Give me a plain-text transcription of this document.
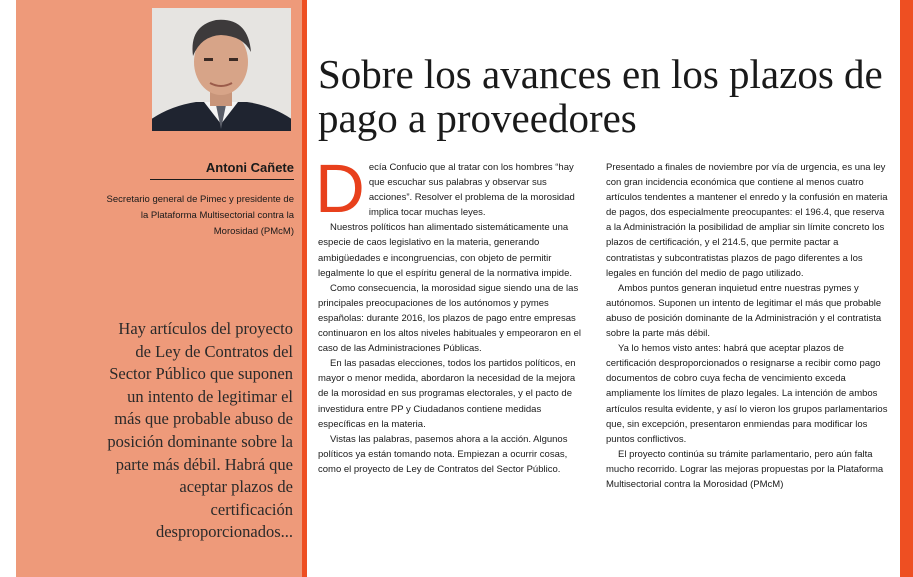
Antoni Cañete
Secretario general de Pimec y presidente de la Plataforma Multisectorial contra la Morosidad (PMcM)
Hay artículos del proyecto de Ley de Contratos del Sector Público que suponen un intento de legitimar el más que probable abuso de posición dominante sobre la parte más débil. Habrá que aceptar plazos de certificación desproporcionados...
Sobre los avances en los plazos de pago a proveedores

Decía Confucio que al tratar con los hombres “hay que escuchar sus palabras y observar sus acciones”. Resolver el problema de la morosidad implica tocar muchas leyes.

Nuestros políticos han alimentado sistemáticamente una especie de caos legislativo en la materia, generando ambigüedades e incongruencias, con objeto de permitir legalmente lo que el espíritu general de la normativa impide.

Como consecuencia, la morosidad sigue siendo una de las principales preocupaciones de los autónomos y pymes españolas: durante 2016, los plazos de pago entre empresas continuaron en los altos niveles habituales y empeoraron en el caso de las Administraciones Públicas.

En las pasadas elecciones, todos los partidos políticos, en mayor o menor medida, abordaron la necesidad de la mejora de la morosidad en sus programas electorales, y el pacto de investidura entre PP y Ciudadanos contiene medidas específicas en la materia.

Vistas las palabras, pasemos ahora a la acción. Algunos políticos ya están tomando nota. Empiezan a ocurrir cosas, como el proyecto de Ley de Contratos del Sector Público.

Presentado a finales de noviembre por vía de urgencia, es una ley con gran incidencia económica que contiene al menos cuatro artículos tendentes a mantener el enredo y la confusión en materia de pagos, dos especialmente preocupantes: el 196.4, que reserva a la Administración la posibilidad de ampliar sin límite concreto los plazos de certificación, y el 214.5, que permite pactar a contratistas y subcontratistas plazos de pago diferentes a los legales en función del medio de pago utilizado.

Ambos puntos generan inquietud entre nuestras pymes y autónomos. Suponen un intento de legitimar el más que probable abuso de posición dominante de la Administración y el contratista sobre la parte más débil.

Ya lo hemos visto antes: habrá que aceptar plazos de certificación desproporcionados o resignarse a recibir como pago documentos de cobro cuya fecha de vencimiento exceda ampliamente los límites de plazo legales. La intención de ambos artículos resulta evidente, y así lo vieron los grupos parlamentarios que, sin excepción, presentaron enmiendas para modificar los puntos conflictivos.

El proyecto continúa su trámite parlamentario, pero aún falta mucho recorrido. Lograr las mejoras propuestas por la Plataforma Multisectorial contra la Morosidad (PMcM)
